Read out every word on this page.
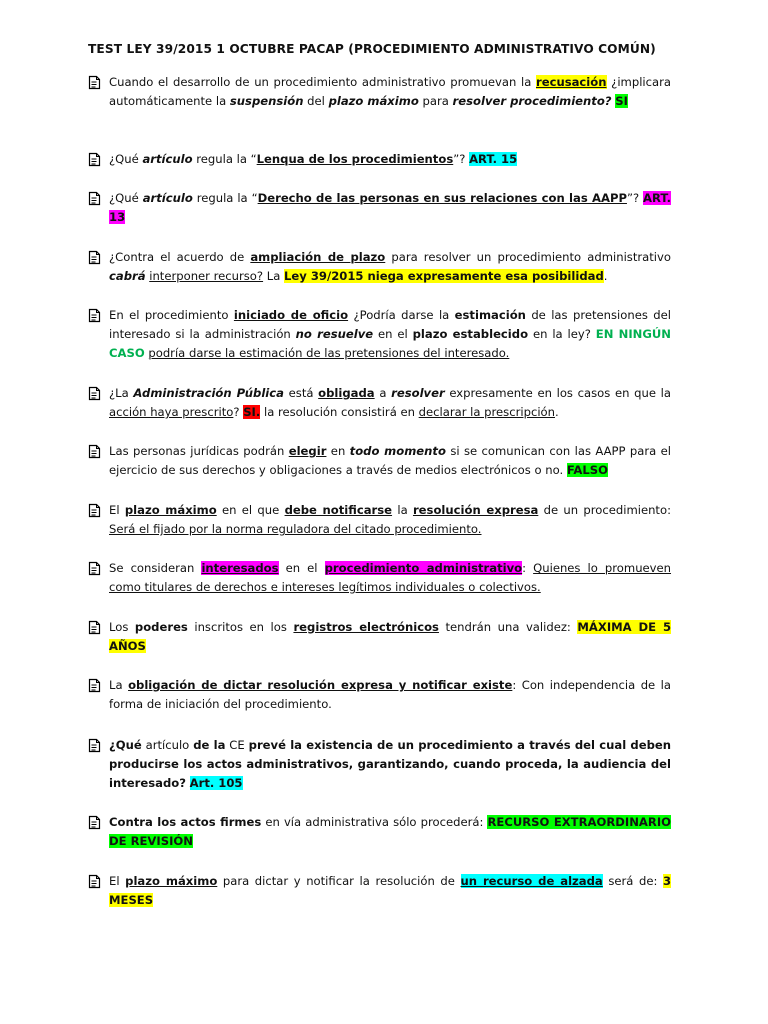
TEST LEY 39/2015 1 OCTUBRE PACAP (PROCEDIMIENTO ADMINISTRATIVO COMÚN)
Cuando el desarrollo de un procedimiento administrativo promuevan la recusación ¿implicara automáticamente la suspensión del plazo máximo para resolver procedimiento? SI
¿Qué artículo regula la “Lenqua de los procedimientos”? ART. 15
¿Qué artículo regula la “Derecho de las personas en sus relaciones con las AAPP”? ART. 13
¿Contra el acuerdo de ampliación de plazo para resolver un procedimiento administrativo cabrá interponer recurso? La Ley 39/2015 niega expresamente esa posibilidad.
En el procedimiento iniciado de oficio ¿Podría darse la estimación de las pretensiones del interesado si la administración no resuelve en el plazo establecido en la ley? EN NINGÚN CASO podría darse la estimación de las pretensiones del interesado.
¿La Administración Pública está obligada a resolver expresamente en los casos en que la acción haya prescrito? SI. la resolución consistirá en declarar la prescripción.
Las personas jurídicas podrán elegir en todo momento si se comunican con las AAPP para el ejercicio de sus derechos y obligaciones a través de medios electrónicos o no. FALSO
El plazo máximo en el que debe notificarse la resolución expresa de un procedimiento: Será el fijado por la norma reguladora del citado procedimiento.
Se consideran interesados en el procedimiento administrativo: Quienes lo promueven como titulares de derechos e intereses legítimos individuales o colectivos.
Los poderes inscritos en los registros electrónicos tendrán una validez: MÁXIMA DE 5 AÑOS
La obligación de dictar resolución expresa y notificar existe: Con independencia de la forma de iniciación del procedimiento.
¿Qué artículo de la CE prevé la existencia de un procedimiento a través del cual deben producirse los actos administrativos, garantizando, cuando proceda, la audiencia del interesado? Art. 105
Contra los actos firmes en vía administrativa sólo procederá: RECURSO EXTRAORDINARIO DE REVISIÓN
El plazo máximo para dictar y notificar la resolución de un recurso de alzada será de: 3 MESES
